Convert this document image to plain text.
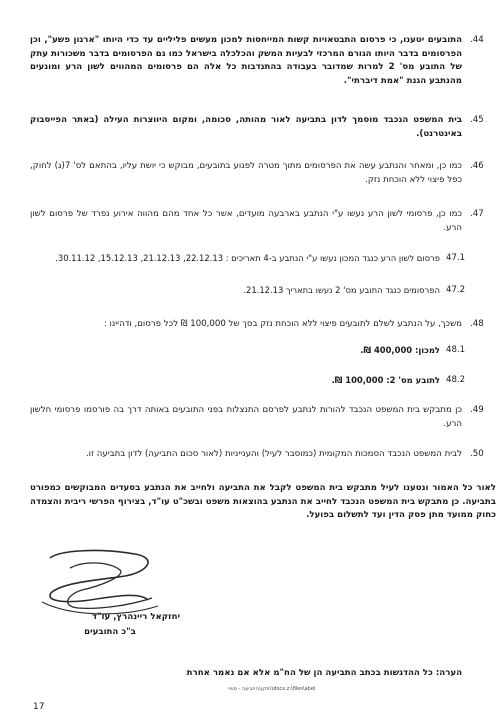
.44
התובעים יטענו, כי פרסום התבטאויות קשות המייחסות למכון מעשים פליליים עד כדי היותו "ארגון פשע", וכן הפרסומים בדבר היותו הגורם המרכזי לבעיות המשק והכלכלה בישראל כמו גם הפרסומים בדבר משכורות עתק של התובע מס' 2 למרות שמדובר בעבודה בהתנדבות כל אלה הם פרסומים המהווים לשון הרע ומונעים מהנתבע הגנת "אמת דיברתי".
.45
בית המשפט הנכבד מוסמך לדון בתביעה לאור מהותה, סכומה, ומקום היווצרות העילה (באתר הפייסבוק באינטרנט).
.46
כמו כן, ומאחר והנתבע עשה את הפרסומים מתוך מטרה לפגוע בתובעים, מבוקש כי יושת עליו, בהתאם לס' 7(ג) לחוק, כפל פיצוי ללא הוכחת נזק.
.47
כמו כן, פרסומי לשון הרע נעשו ע"י הנתבע בארבעה מועדים, אשר כל אחד מהם מהווה אירוע נפרד של פרסום לשון הרע.
47.1
פרסום לשון הרע כנגד המכון נעשו ע"י הנתבע ב-4 תאריכים : 22.12.13, 21.12.13, 15.12.13, 30.11.12.
47.2
הפרסומים כנגד התובע מס' 2 נעשו בתאריך 21.12.13.
.48
משכך, על הנתבע לשלם לתובעים פיצוי ללא הוכחת נזק בסך של 100,000 ₪ לכל פרסום, ודהיינו :
48.1
למכון: 400,000 ₪.
48.2
לתובע מס' 2: 100,000 ₪.
.49
כן מתבקש בית המשפט הנכבד להורות לנתבע לפרסם התנצלות בפני התובעים באותה דרך בה פורסמו פרסומי חלשון הרע.
.50
לבית המשפט הנכבד הסמכות המקומית (כמוסבר לעיל) והענייניות (לאור סכום התביעה) לדון בתביעה זו.
לאור כל האמור ונטענו לעיל מתבקש בית המשפט לקבל את התביעה ולחייב את הנתבע בסעדים המבוקשים כמפורט בתביעה. כן מתבקש בית המשפט הנכבד לחייב את הנתבע בהוצאות משפט ובשכ"ט עו"ד, בצירוף הפרשי ריבית והצמדה כחוק ממועד מתן פסק הדין ועד לתשלום בפועל.
יחזקאל ריינהרץ, עו"ד
ב"כ התובעים
הערה: כל ההדגשות בכתב התביעה הן של הח"מ אלא אם נאמר אחרת
docx.z:\files\abel\חזקין\התביעה - סופי
17
